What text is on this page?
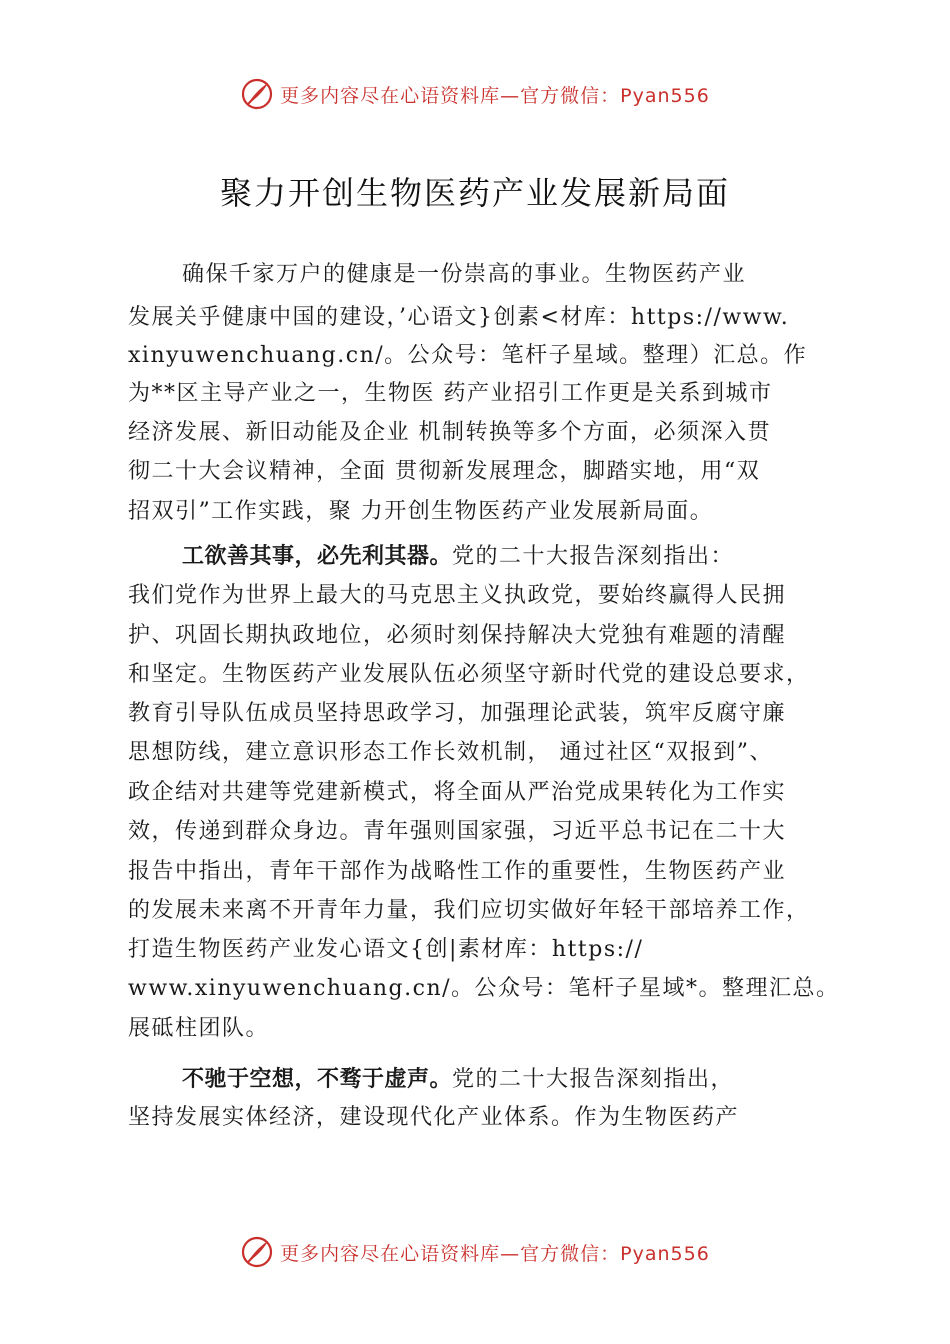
更多内容尽在心语资料库—官方微信：Pyan556
聚力开创生物医药产业发展新局面
确保千家万户的健康是一份崇高的事业。生物医药产业
发展关乎健康中国的建设，’心语文}创素<材库：https://www.
xinyuwenchuang.cn/。公众号：笔杆子星域。整理）汇总。作
为**区主导产业之一，生物医 药产业招引工作更是关系到城市
经济发展、新旧动能及企业 机制转换等多个方面，必须深入贯
彻二十大会议精神，全面 贯彻新发展理念，脚踏实地，用“双
招双引”工作实践，聚 力开创生物医药产业发展新局面。
工欲善其事，必先利其器。党的二十大报告深刻指出：
我们党作为世界上最大的马克思主义执政党，要始终赢得人民拥
护、巩固长期执政地位，必须时刻保持解决大党独有难题的清醒
和坚定。生物医药产业发展队伍必须坚守新时代党的建设总要求，
教育引导队伍成员坚持思政学习，加强理论武装，筑牢反腐守廉
思想防线，建立意识形态工作长效机制， 通过社区“双报到”、
政企结对共建等党建新模式，将全面从严治党成果转化为工作实
效，传递到群众身边。青年强则国家强，习近平总书记在二十大
报告中指出，青年干部作为战略性工作的重要性，生物医药产业
的发展未来离不开青年力量，我们应切实做好年轻干部培养工作，
打造生物医药产业发心语文{创|素材库：https://
www.xinyuwenchuang.cn/。公众号：笔杆子星域*。整理汇总。
展砥柱团队。
不驰于空想，不骛于虚声。党的二十大报告深刻指出，
坚持发展实体经济，建设现代化产业体系。作为生物医药产
更多内容尽在心语资料库—官方微信：Pyan556
